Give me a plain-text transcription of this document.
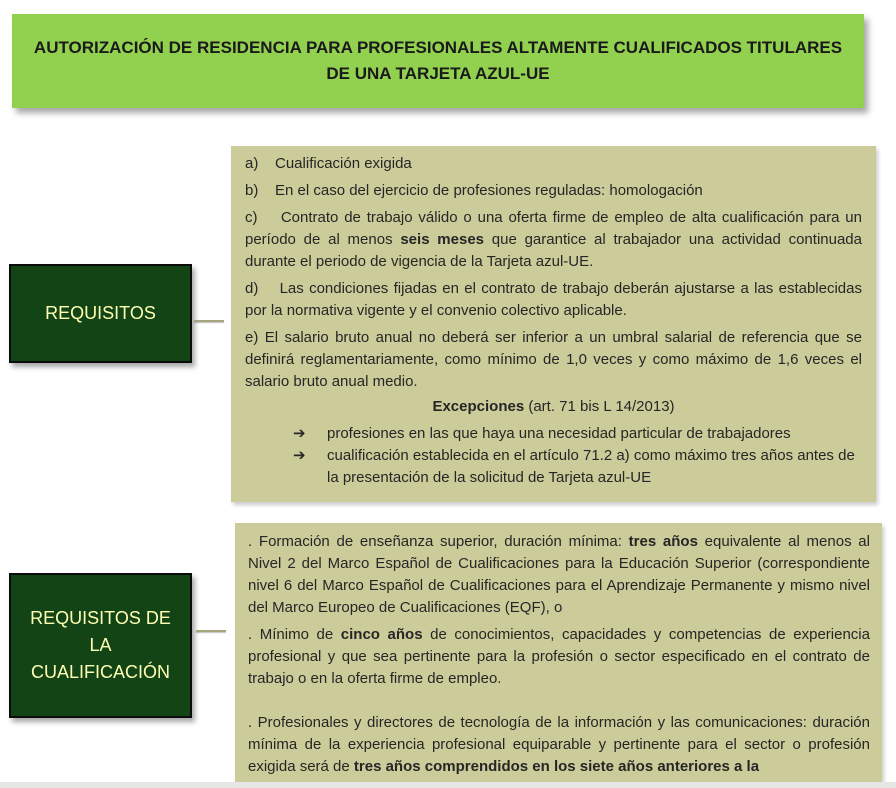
AUTORIZACIÓN DE RESIDENCIA PARA PROFESIONALES ALTAMENTE CUALIFICADOS TITULARES DE UNA TARJETA AZUL-UE
REQUISITOS

a)    Cualificación exigida

b)    En el caso del ejercicio de profesiones reguladas: homologación

c)    Contrato de trabajo válido o una oferta firme de empleo de alta cualificación para un período de al menos seis meses que garantice al trabajador una actividad continuada durante el periodo de vigencia de la Tarjeta azul-UE.

d)    Las condiciones fijadas en el contrato de trabajo deberán ajustarse a las establecidas por la normativa vigente y el convenio colectivo aplicable.

e) El salario bruto anual no deberá ser inferior a un umbral salarial de referencia que se definirá reglamentariamente, como mínimo de 1,0 veces y como máximo de 1,6 veces el salario bruto anual medio.

Excepciones (art. 71 bis L 14/2013)

➔	profesiones en las que haya una necesidad particular de trabajadores
➔	cualificación establecida en el artículo 71.2 a) como máximo tres años antes de la presentación de la solicitud de Tarjeta azul-UE
REQUISITOS DE
LA
CUALIFICACIÓN

. Formación de enseñanza superior, duración mínima: tres años equivalente al menos al Nivel 2 del Marco Español de Cualificaciones para la Educación Superior (correspondiente nivel 6 del Marco Español de Cualificaciones para el Aprendizaje Permanente y mismo nivel del Marco Europeo de Cualificaciones (EQF), o

. Mínimo de cinco años de conocimientos, capacidades y competencias de experiencia profesional y que sea pertinente para la profesión o sector especificado en el contrato de trabajo o en la oferta firme de empleo.

. Profesionales y directores de tecnología de la información y las comunicaciones: duración mínima de la experiencia profesional equiparable y pertinente para el sector o profesión exigida será de tres años comprendidos en los siete años anteriores a la
